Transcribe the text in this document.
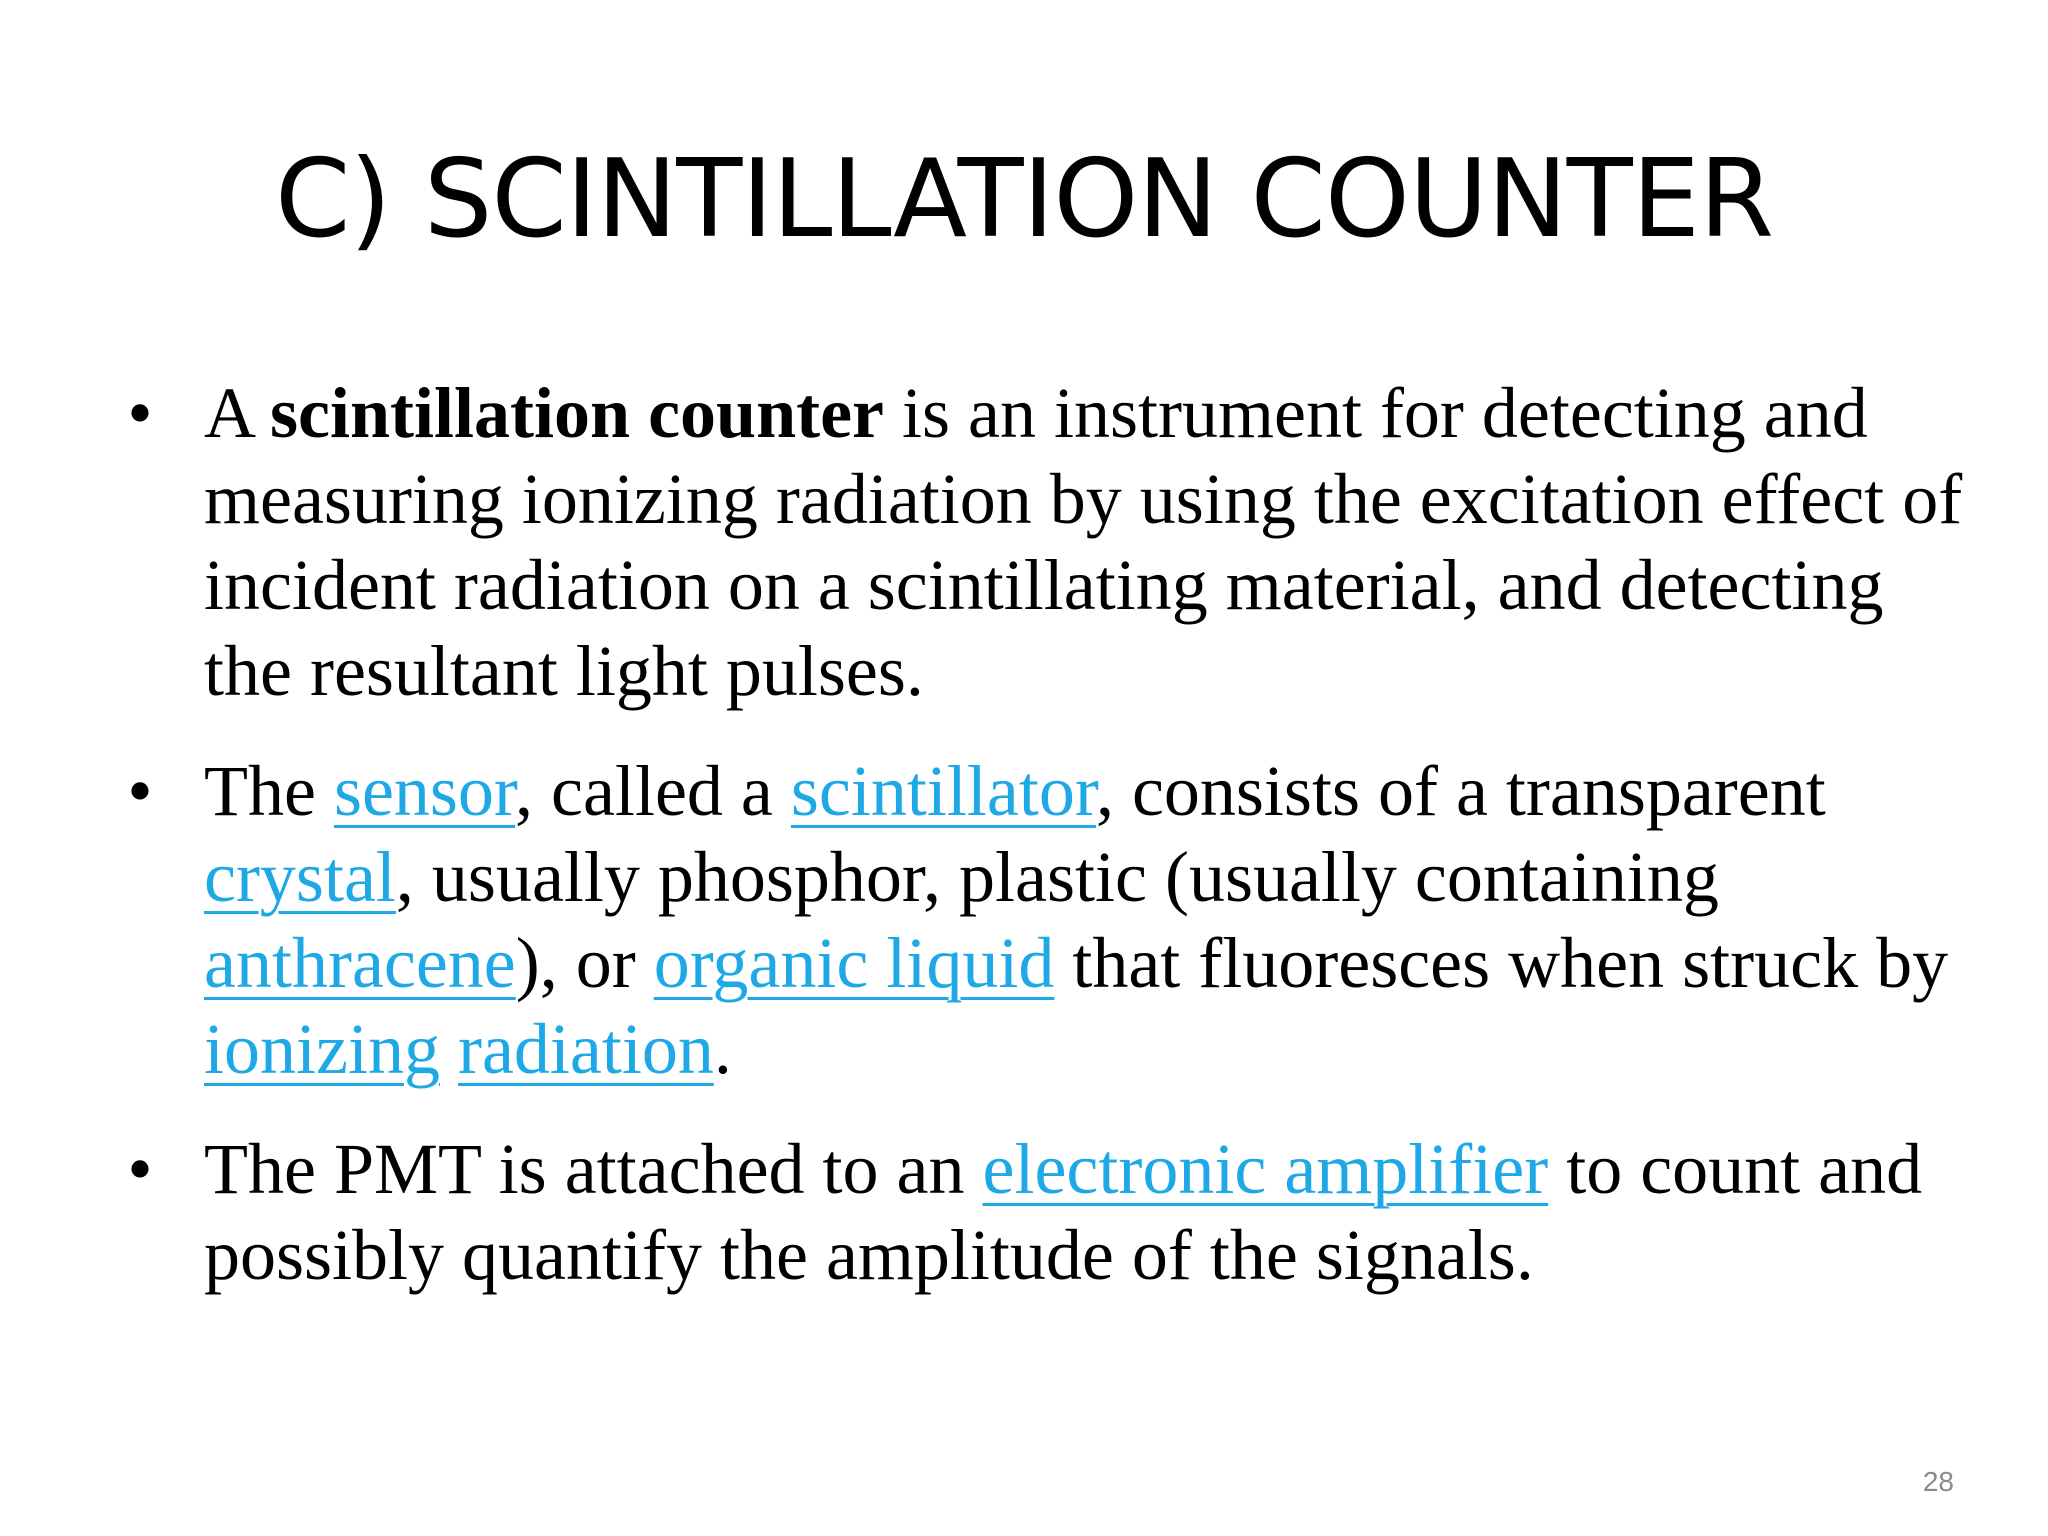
C) SCINTILLATION COUNTER
• A scintillation counter is an instrument for detecting and measuring ionizing radiation by using the excitation effect of incident radiation on a scintillating material, and detecting the resultant light pulses.
• The sensor, called a scintillator, consists of a transparent crystal, usually phosphor, plastic (usually containing anthracene), or organic liquid that fluoresces when struck by ionizing radiation.
• The PMT is attached to an electronic amplifier to count and possibly quantify the amplitude of the signals.
28
